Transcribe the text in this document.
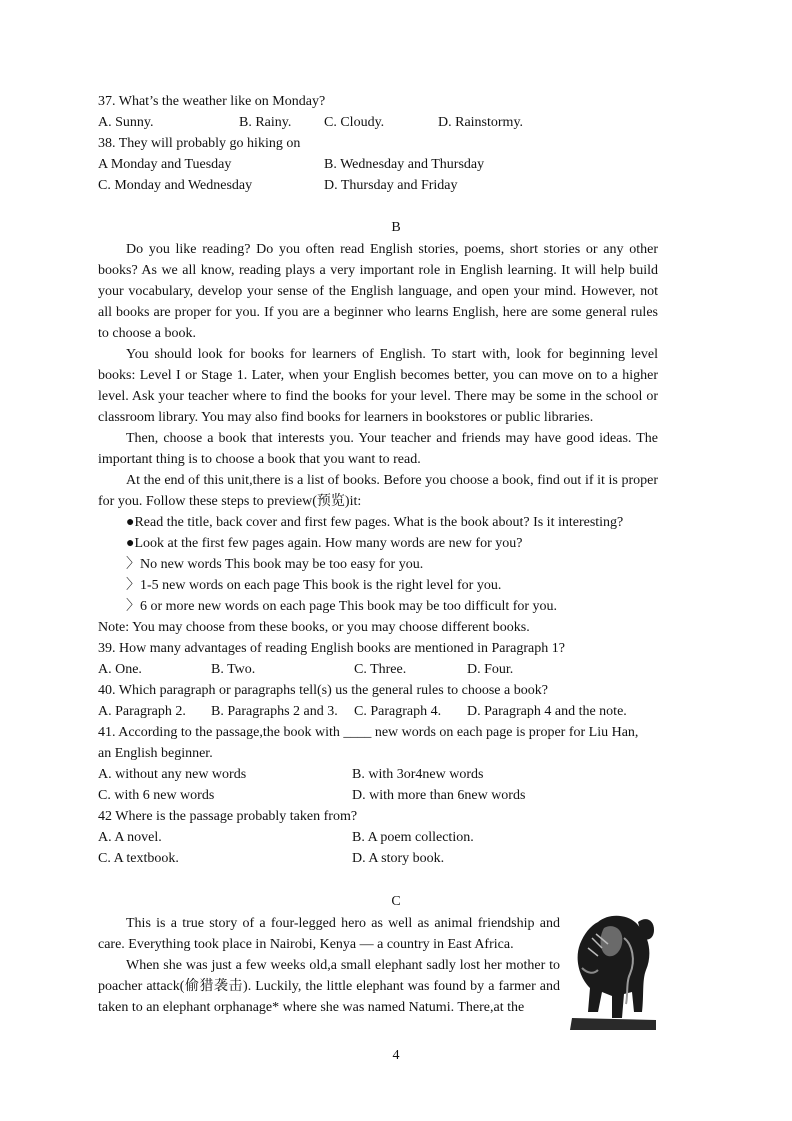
37. What’s the weather like on Monday?
A. Sunny.	B. Rainy. C. Cloudy.	D. Rainstormy.
38. They will probably go hiking on
A Monday and Tuesday	B. Wednesday and Thursday
C. Monday and Wednesday	D. Thursday and Friday
B
Do you like reading? Do you often read English stories, poems, short stories or any other books? As we all know, reading plays a very important role in English learning. It will help build your vocabulary, develop your sense of the English language, and open your mind. However, not all books are proper for you. If you are a beginner who learns English, here are some general rules to choose a book.
You should look for books for learners of English. To start with, look for beginning level books: Level I or Stage 1. Later, when your English becomes better, you can move on to a higher level. Ask your teacher where to find the books for your level. There may be some in the school or classroom library. You may also find books for learners in bookstores or public libraries.
Then, choose a book that interests you. Your teacher and friends may have good ideas. The important thing is to choose a book that you want to read.
At the end of this unit,there is a list of books. Before you choose a book, find out if it is proper for you. Follow these steps to preview(预览)it:
●Read the title, back cover and first few pages. What is the book about? Is it interesting?
●Look at the first few pages again. How many words are new for you?
〉No new words This book may be too easy for you.
〉1-5 new words on each page This book is the right level for you.
〉6 or more new words on each page This book may be too difficult for you.
Note: You may choose from these books, or you may choose different books.
39. How many advantages of reading English books are mentioned in Paragraph 1?
A. One.	B. Two.	C. Three.	D. Four.
40. Which paragraph or paragraphs tell(s) us the general rules to choose a book?
A. Paragraph 2. B. Paragraphs 2 and 3. C. Paragraph 4. D. Paragraph 4 and the note.
41. According to the passage,the book with ____ new words on each page is proper for Liu Han,
an English beginner.
A. without any new words	B. with 3or4new words
C. with 6 new words	D. with more than 6new words
42 Where is the passage probably taken from?
A. A novel.	B. A poem collection.
C. A textbook.	D. A story book.
C
This is a true story of a four-legged hero as well as animal friendship and care. Everything took place in Nairobi, Kenya — a country in East Africa.
When she was just a few weeks old,a small elephant sadly lost her mother to poacher attack(偷猎袭击). Luckily, the little elephant was found by a farmer and taken to an elephant orphanage* where she was named Natumi. There,at the
4
